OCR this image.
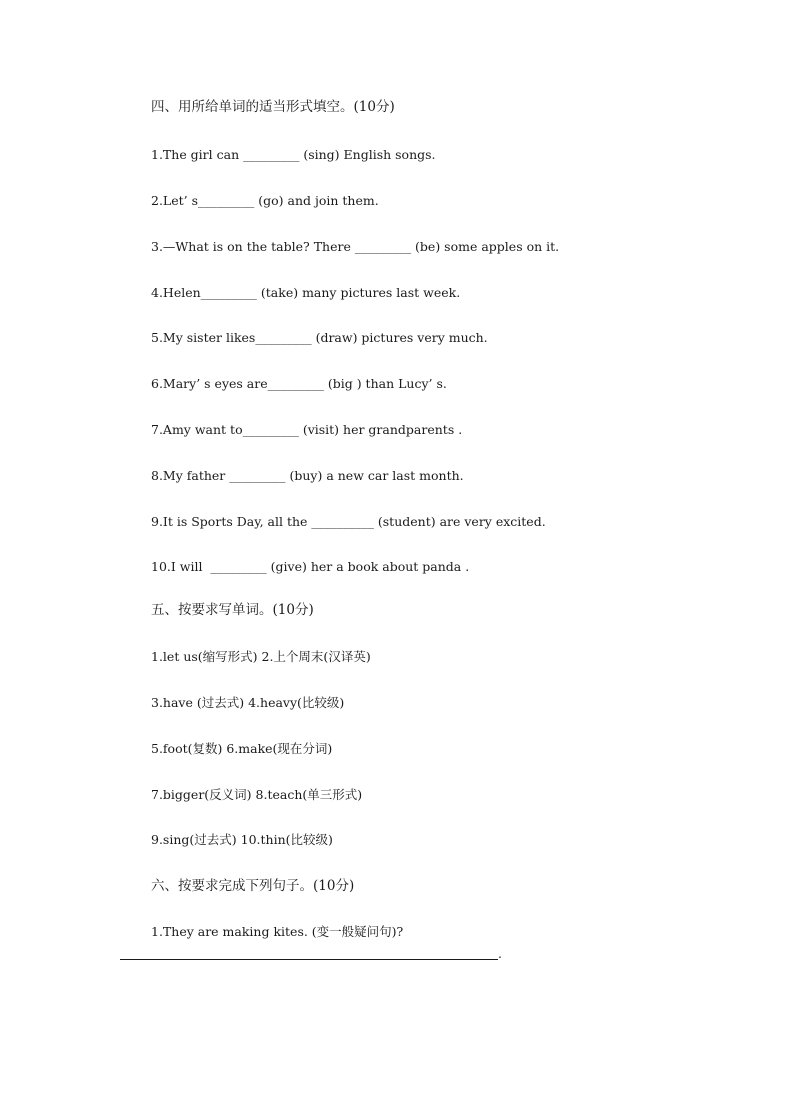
四、用所给单词的适当形式填空。(10分)
1.The girl can _________ (sing) English songs.
2.Let’ s_________ (go) and join them.
3.—What is on the table? There _________ (be) some apples on it.
4.Helen_________ (take) many pictures last week.
5.My sister likes_________ (draw) pictures very much.
6.Mary’ s eyes are_________ (big ) than Lucy’ s.
7.Amy want to_________ (visit) her grandparents .
8.My father _________ (buy) a new car last month.
9.It is Sports Day, all the __________ (student) are very excited.
10.I will  _________ (give) her a book about panda .
五、按要求写单词。(10分)
1.let us(缩写形式) 2.上个周末(汉译英)
3.have (过去式) 4.heavy(比较级)
5.foot(复数) 6.make(现在分词)
7.bigger(反义词) 8.teach(单三形式)
9.sing(过去式) 10.thin(比较级)
六、按要求完成下列句子。(10分)
1.They are making kites. (变一般疑问句)?
.
